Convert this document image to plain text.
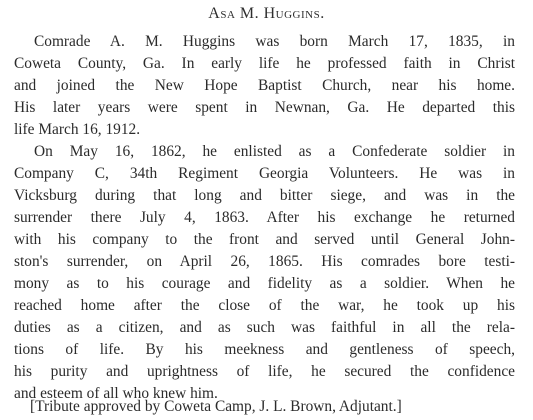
Asa M. Huggins.
Comrade A. M. Huggins was born March 17, 1835, in
Coweta County, Ga. In early life he professed faith in Christ
and joined the New Hope Baptist Church, near his home.
His later years were spent in Newnan, Ga. He departed this
life March 16, 1912.
On May 16, 1862, he enlisted as a Confederate soldier in
Company C, 34th Regiment Georgia Volunteers. He was in
Vicksburg during that long and bitter siege, and was in the
surrender there July 4, 1863. After his exchange he returned
with his company to the front and served until General John-
ston's surrender, on April 26, 1865. His comrades bore testi-
mony as to his courage and fidelity as a soldier. When he
reached home after the close of the war, he took up his
duties as a citizen, and as such was faithful in all the rela-
tions of life. By his meekness and gentleness of speech,
his purity and uprightness of life, he secured the confidence
and esteem of all who knew him.
[Tribute approved by Coweta Camp, J. L. Brown, Adjutant.]
